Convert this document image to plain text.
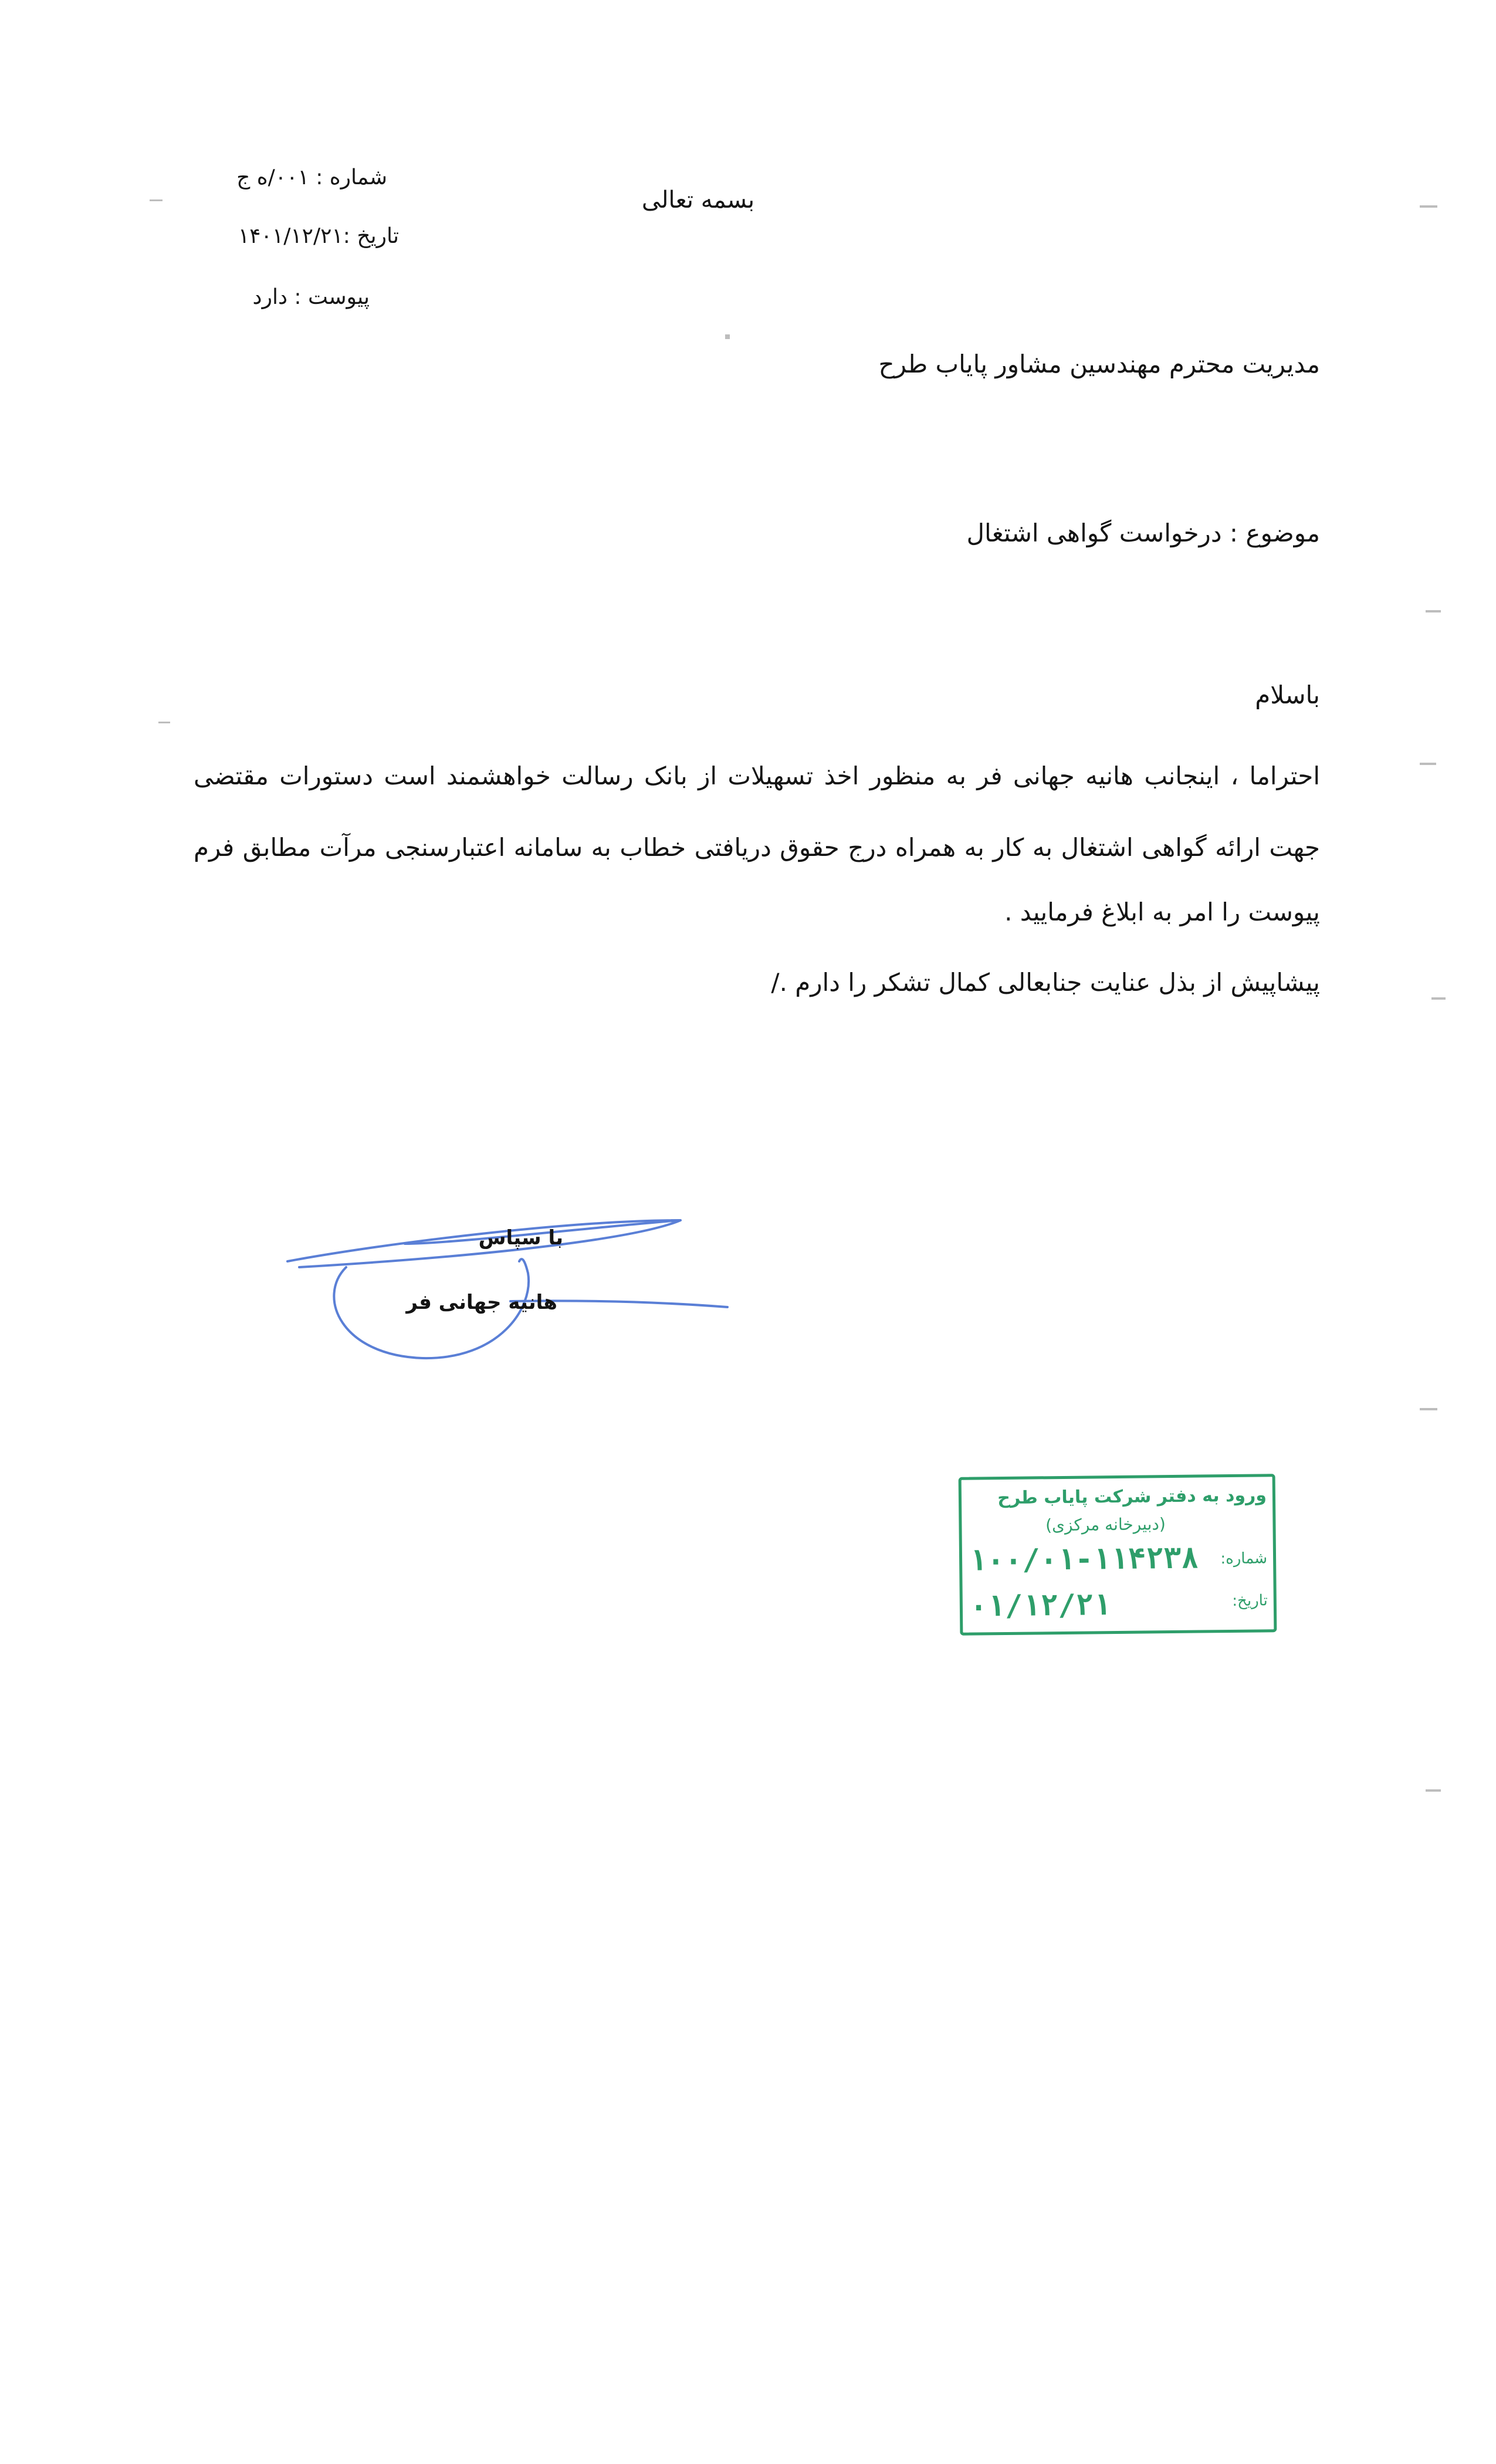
شماره : ۰۰۱/ه ج
تاریخ :۱۴۰۱/۱۲/۲۱
پیوست : دارد
بسمه تعالی
مدیریت محترم مهندسین مشاور پایاب طرح
موضوع : درخواست گواهی اشتغال
باسلام
احتراما ، اینجانب هانیه جهانی فر به منظور اخذ تسهیلات از بانک رسالت خواهشمند است دستورات مقتضی
جهت ارائه گواهی اشتغال به کار به همراه درج حقوق دریافتی خطاب به سامانه اعتبارسنجی مرآت مطابق فرم
پیوست را امر به ابلاغ فرمایید .
پیشاپیش از بذل عنایت جنابعالی کمال تشکر را دارم ./
با سپاس
هانیه جهانی فر
ورود به دفتر شرکت پایاب طرح
(دبیرخانه مرکزی)
شماره:
۱۰۰/۰۱-۱۱۴۲۳۸
تاریخ:
۰۱/۱۲/۲۱
